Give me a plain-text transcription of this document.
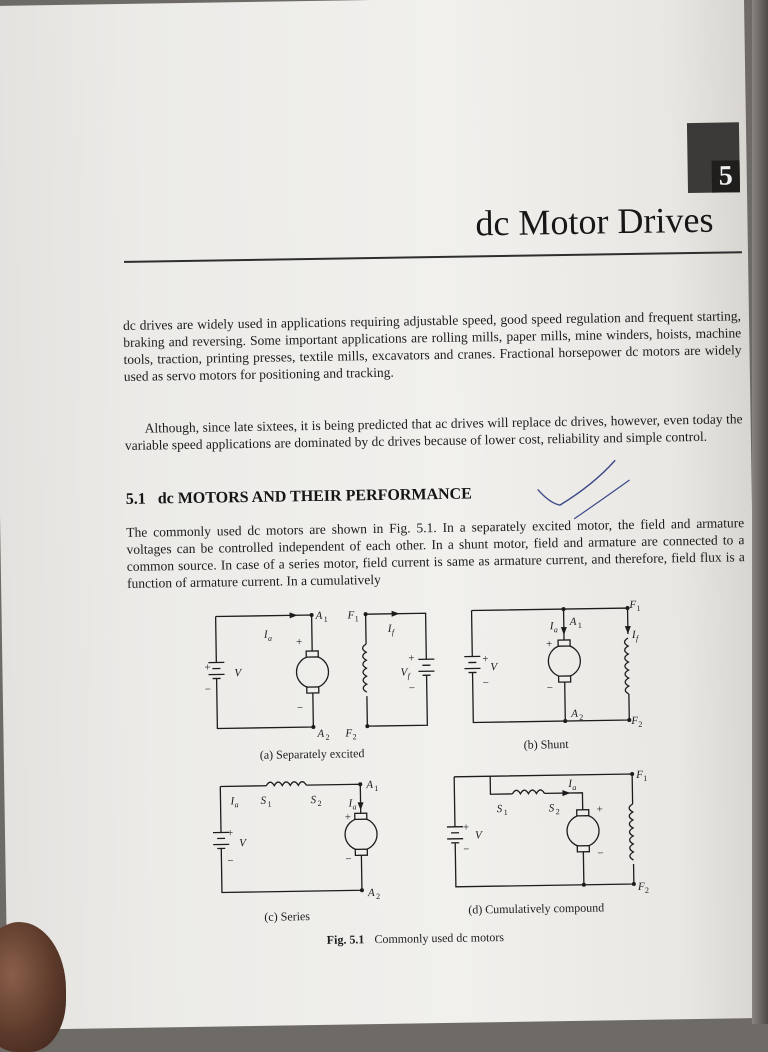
5
dc Motor Drives

dc drives are widely used in applications requiring adjustable speed, good speed regulation and frequent starting, braking and reversing. Some important applications are rolling mills, paper mills, mine winders, hoists, machine tools, traction, printing presses, textile mills, excavators and cranes. Fractional horsepower dc motors are widely used as servo motors for positioning and tracking.

Although, since late sixtees, it is being predicted that ac drives will replace dc drives, however, even today the variable speed applications are dominated by dc drives because of lower cost, reliability and simple control.

5.1 dc MOTORS AND THEIR PERFORMANCE

The commonly used dc motors are shown in Fig. 5.1. In a separately excited motor, the field and armature voltages can be controlled independent of each other. In a shunt motor, field and armature are connected to a common source. In case of a series motor, field current is same as armature current, and therefore, field flux is a function of armature current. In a cumulatively

A 1
A 2
F 1
F 2
I a
I f
+
−
+
−
V	V f
+
−
(a) Separately excited
I a
A 1
A 2
F 1
F 2
I f
+
−
+
−
V
(b) Shunt
I a S 1	S 2 I a
A 1
A 2
+
−
+
−
V
(c) Series
I a
S 1	S 2
F 1
F 2
+
−
+
−
V
(d) Cumulatively compound
Fig. 5.1 Commonly used dc motors
